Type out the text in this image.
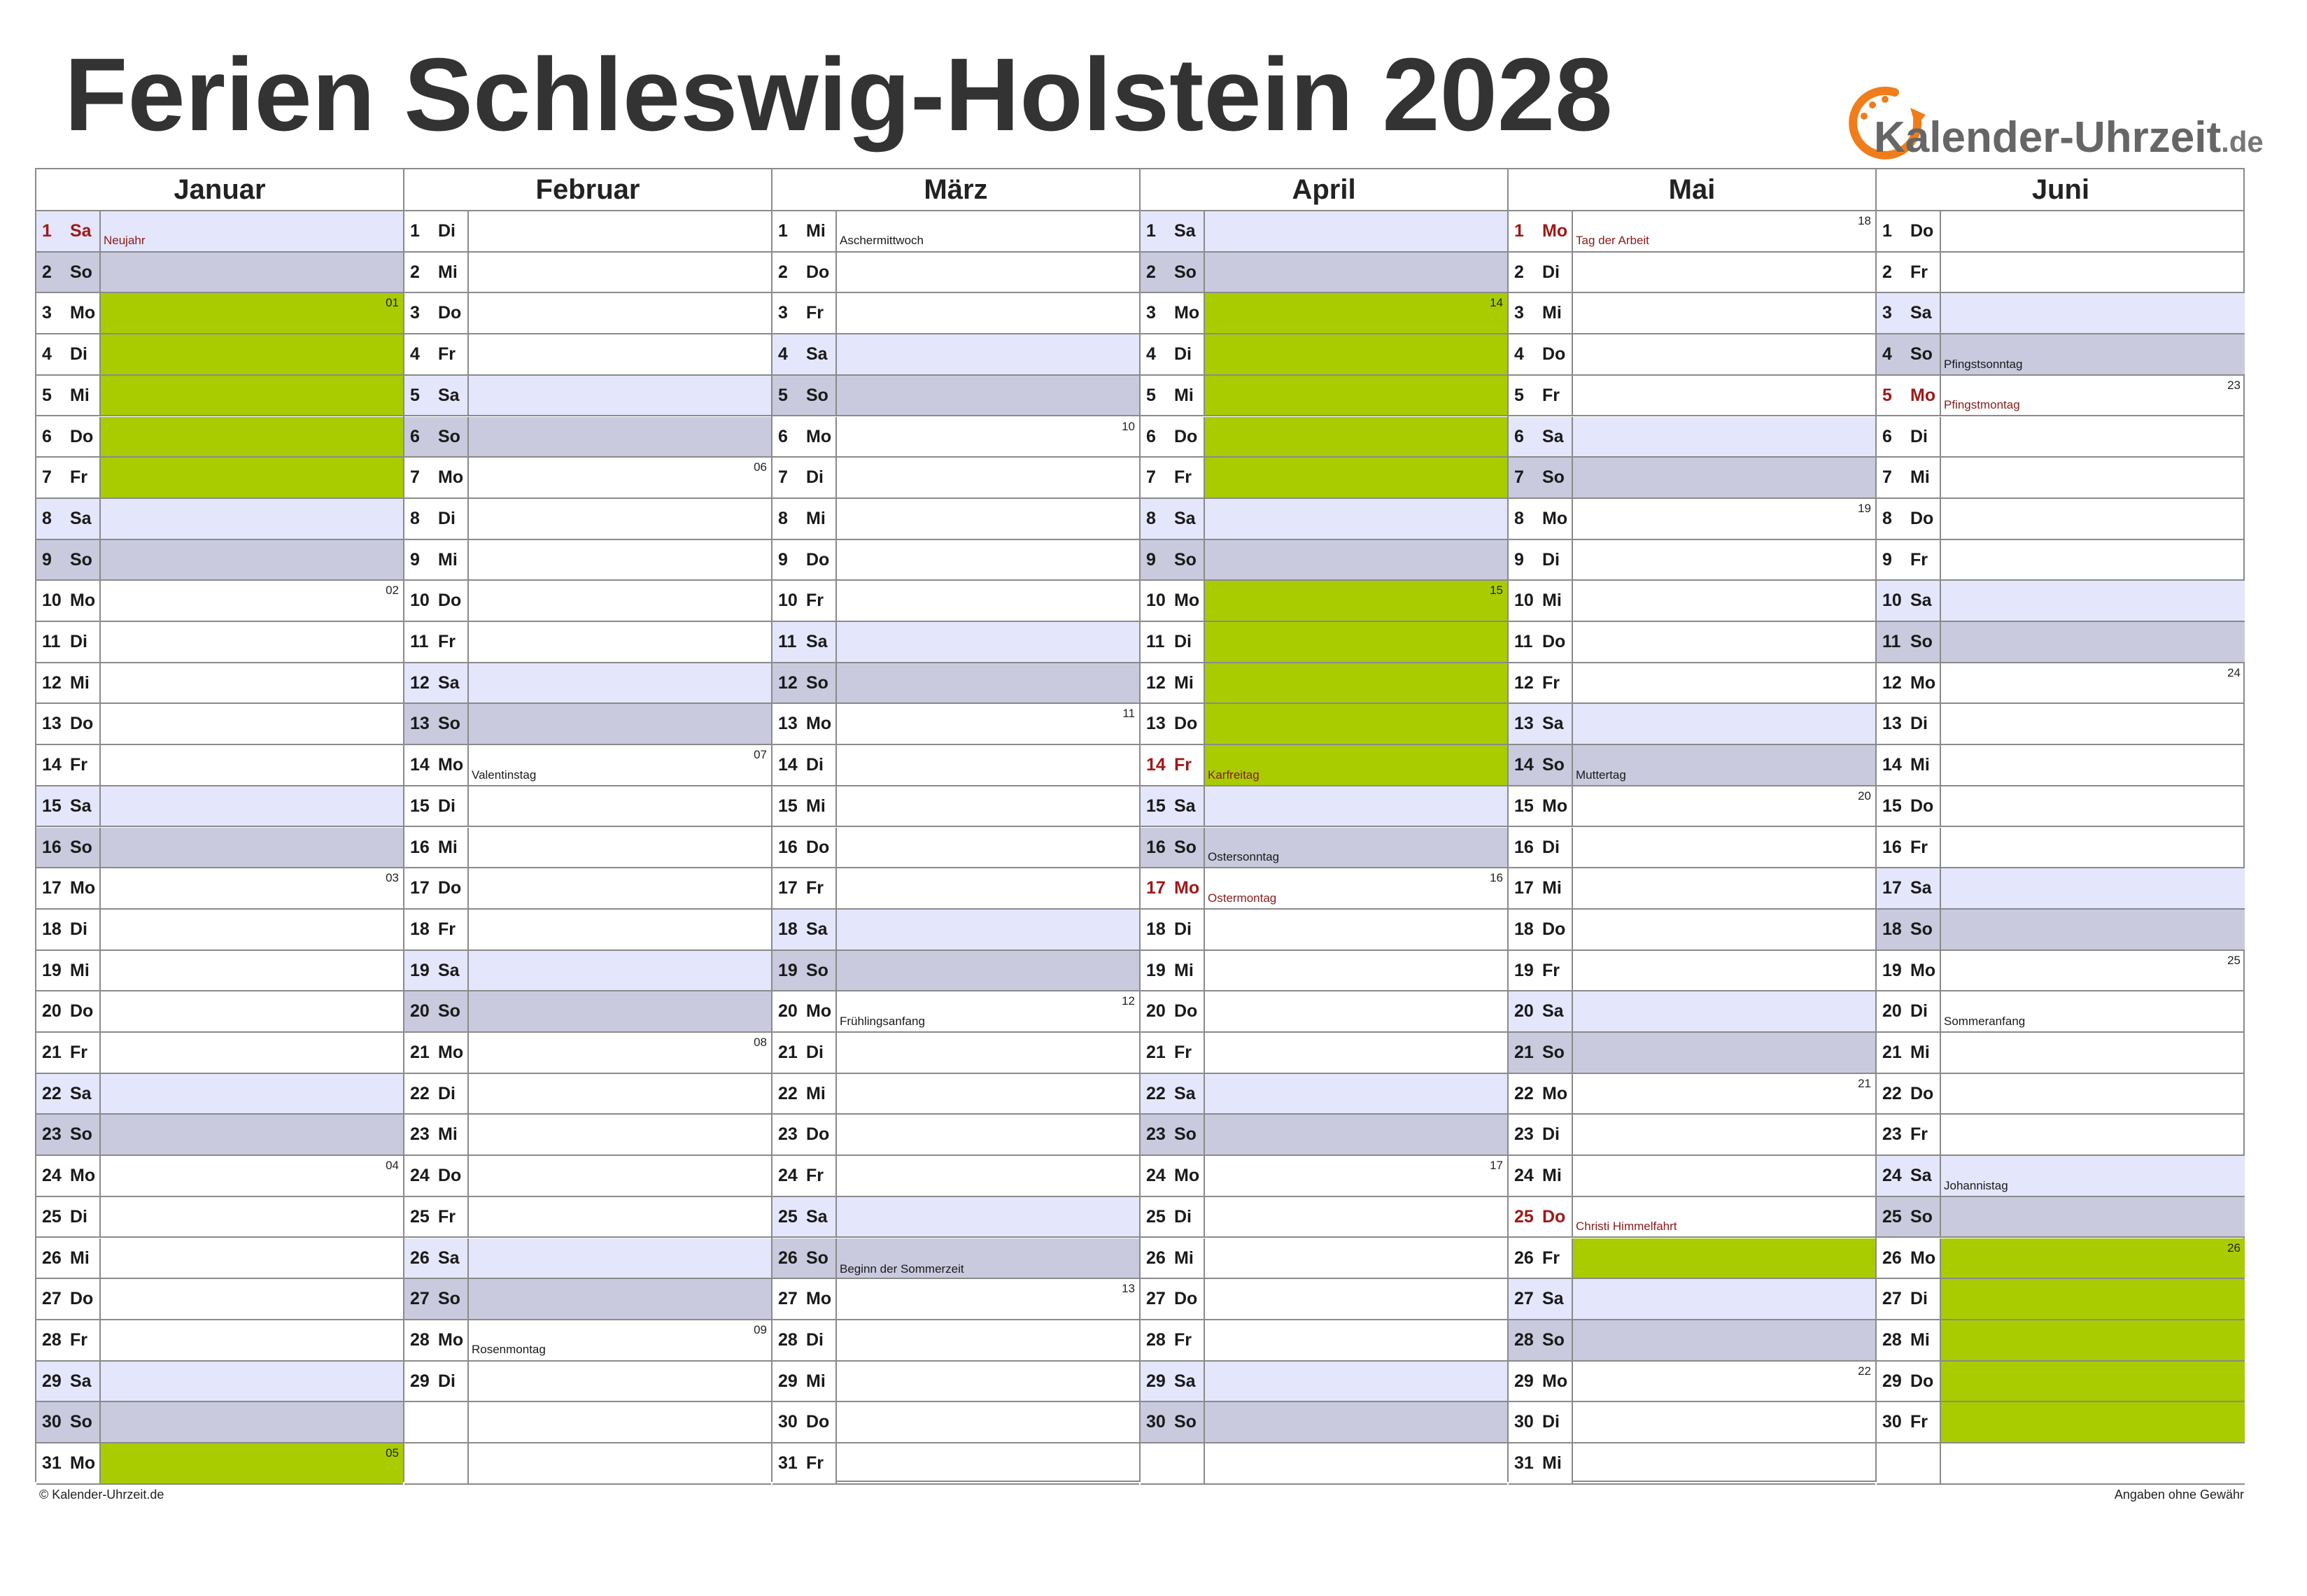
Ferien Schleswig-Holstein 2028	Kalender-Uhrzeit.de
Januar
1 Sa Neujahr
2 So
3 Mo
01
4 Di
5 Mi
6 Do
7 Fr
8 Sa
9 So
10 Mo
02
11 Di
12 Mi
13 Do
14 Fr
15 Sa
16 So
17 Mo
03
18 Di
19 Mi
20 Do
21 Fr
22 Sa
23 So
24 Mo
04
25 Di
26 Mi
27 Do
28 Fr
29 Sa
30 So
31 Mo
05
Februar
1 Di
2 Mi
3 Do
4 Fr
5 Sa
6 So
7 Mo
06
8 Di
9 Mi
10 Do
11 Fr
12 Sa
13 So
14 Mo Valentinstag
07
15 Di
16 Mi
17 Do
18 Fr
19 Sa
20 So
21 Mo
08
22 Di
23 Mi
24 Do
25 Fr
26 Sa
27 So
28 Mo Rosenmontag
09
29 Di
März
1 Mi Aschermittwoch
2 Do
3 Fr
4 Sa
5 So
6 Mo
10
7 Di
8 Mi
9 Do
10 Fr
11 Sa
12 So
13 Mo
11
14 Di
15 Mi
16 Do
17 Fr
18 Sa
19 So
20 Mo Frühlingsanfang
12
21 Di
22 Mi
23 Do
24 Fr
25 Sa
26 So
Beginn der Sommerzeit
27 Mo
13
28 Di
29 Mi
30 Do
31 Fr
April
1 Sa
2 So
3 Mo
14
4 Di
5 Mi
6 Do
7 Fr
8 Sa
9 So
10 Mo
15
11 Di
12 Mi
13 Do
14 Fr Karfreitag
15 Sa
16 So Ostersonntag
17 Mo Ostermontag
16
18 Di
19 Mi
20 Do
21 Fr
22 Sa
23 So
24 Mo
17
25 Di
26 Mi
27 Do
28 Fr
29 Sa
30 So
Mai
1 Mo Tag der Arbeit
18
2 Di
3 Mi
4 Do
5 Fr
6 Sa
7 So
8 Mo
19
9 Di
10 Mi
11 Do
12 Fr
13 Sa
14 So Muttertag
15 Mo
20
16 Di
17 Mi
18 Do
19 Fr
20 Sa
21 So
22 Mo
21
23 Di
24 Mi
25 Do Christi Himmelfahrt
26 Fr
27 Sa
28 So
29 Mo
22
30 Di
31 Mi
Juni
1 Do
2 Fr
3 Sa
4 So Pfingstsonntag
5 Mo Pfingstmontag
23
6 Di
7 Mi
8 Do
9 Fr
10 Sa
11 So
12 Mo
24
13 Di
14 Mi
15 Do
16 Fr
17 Sa
18 So
19 Mo
25
20 Di Sommeranfang
21 Mi
22 Do
23 Fr
24 Sa Johannistag
25 So
26 Mo
26
27 Di
28 Mi
29 Do
30 Fr
© Kalender-Uhrzeit.de	Angaben ohne Gewähr
